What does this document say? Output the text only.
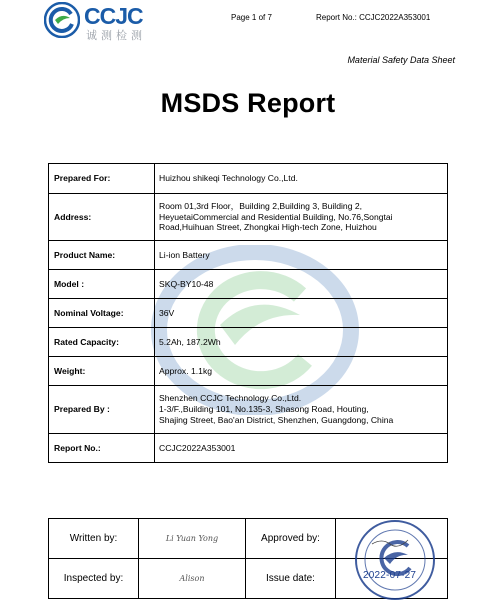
CCJC
诚测检测
Page 1 of 7	Report No.: CCJC2022A353001
Material Safety Data Sheet
MSDS Report
Prepared For:	Huizhou shikeqi Technology Co.,Ltd.
Address:	Room 01,3rd Floor，Building 2,Building 3, Building 2,
HeyuetaiCommercial and Residential Building, No.76,Songtai
Road,Huihuan Street, Zhongkai High-tech Zone, Huizhou

Product Name:	Li-ion Battery
Model :	SKQ-BY10-48
Nominal Voltage:	36V
Rated Capacity:	5.2Ah, 187.2Wh
Weight:	Approx. 1.1kg
Prepared By :	Shenzhen CCJC Technology Co.,Ltd.
1-3/F.,Building 101, No.135-3, Shasong Road, Houting,
Shajing Street, Bao'an District, Shenzhen, Guangdong, China

Report No.:	CCJC2022A353001
Written by:	Li Yuan Yong	Approved by:	
Inspected by:	Alison	Issue date:		2022-07-27
